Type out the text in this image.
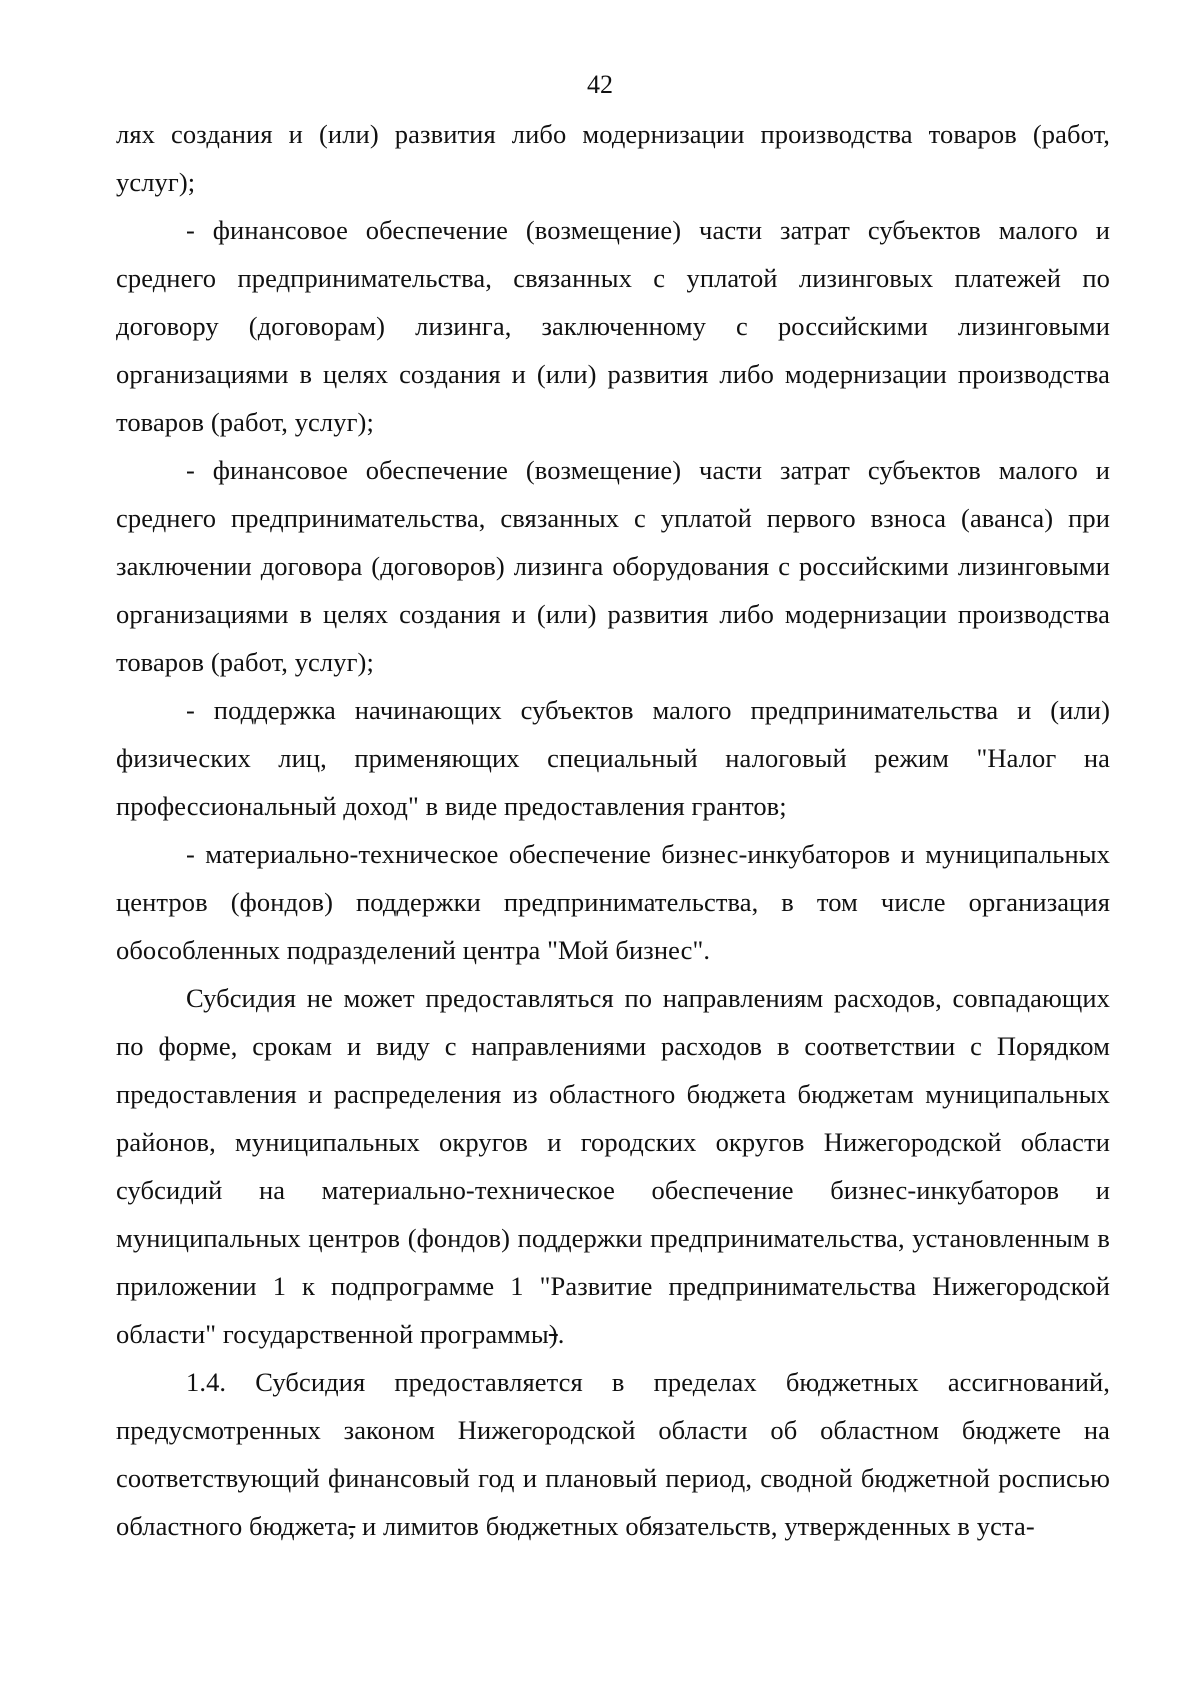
42

лях создания и (или) развития либо модернизации производства товаров (работ, услуг);

- финансовое обеспечение (возмещение) части затрат субъектов малого и среднего предпринимательства, связанных с уплатой лизинговых платежей по договору (договорам) лизинга, заключенному с российскими лизинговыми организациями в целях создания и (или) развития либо модернизации производства товаров (работ, услуг);

- финансовое обеспечение (возмещение) части затрат субъектов малого и среднего предпринимательства, связанных с уплатой первого взноса (аванса) при заключении договора (договоров) лизинга оборудования с российскими лизинговыми организациями в целях создания и (или) развития либо модернизации производства товаров (работ, услуг);

- поддержка начинающих субъектов малого предпринимательства и (или) физических лиц, применяющих специальный налоговый режим "Налог на профессиональный доход" в виде предоставления грантов;

- материально-техническое обеспечение бизнес-инкубаторов и муниципальных центров (фондов) поддержки предпринимательства, в том числе организация обособленных подразделений центра "Мой бизнес".

Субсидия не может предоставляться по направлениям расходов, совпадающих по форме, срокам и виду с направлениями расходов в соответствии с Порядком предоставления и распределения из областного бюджета бюджетам муниципальных районов, муниципальных округов и городских округов Нижегородской области субсидий на материально-техническое обеспечение бизнес-инкубаторов и муниципальных центров (фондов) поддержки предпринимательства, установленным в приложении 1 к подпрограмме 1 "Развитие предпринимательства Нижегородской области" государственной программы).

1.4. Субсидия предоставляется в пределах бюджетных ассигнований, предусмотренных законом Нижегородской области об областном бюджете на соответствующий финансовый год и плановый период, сводной бюджетной росписью областного бюджета, и лимитов бюджетных обязательств, утвержденных в уста-
